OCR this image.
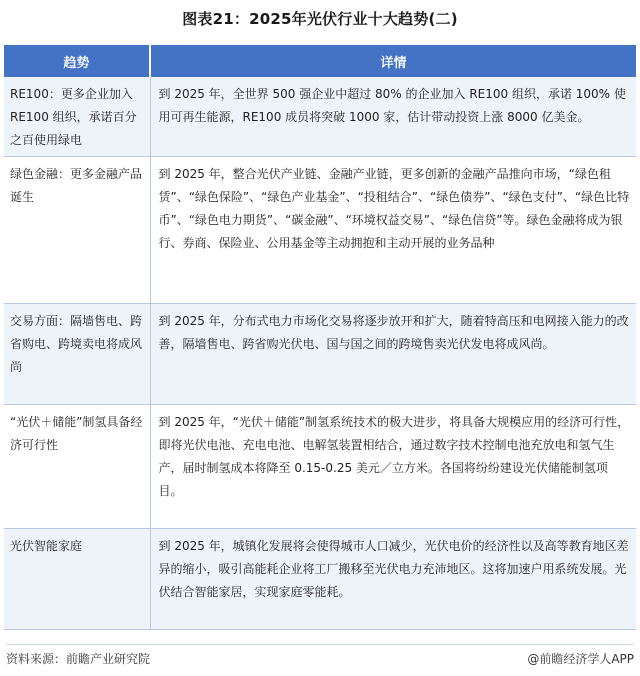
图表21：2025年光伏行业十大趋势(二)
趋势	详情
RE100：更多企业加入 RE100 组织，承诺百分之百使用绿电	到 2025 年，全世界 500 强企业中超过 80% 的企业加入 RE100 组织，承诺 100% 使用可再生能源，RE100 成员将突破 1000 家，估计带动投资上涨 8000 亿美金。
绿色金融：更多金融产品诞生	到 2025 年，整合光伏产业链、金融产业链，更多创新的金融产品推向市场，“绿色租赁”、“绿色保险”、“绿色产业基金”、“投租结合”、“绿色债券”、“绿色支付”、“绿色比特币”、“绿色电力期货”、“碳金融”、“环境权益交易”、“绿色信贷”等。绿色金融将成为银行、券商、保险业、公用基金等主动拥抱和主动开展的业务品种
交易方面：隔墙售电、跨省购电、跨境卖电将成风尚	到 2025 年，分布式电力市场化交易将逐步放开和扩大，随着特高压和电网接入能力的改善，隔墙售电、跨省购光伏电、国与国之间的跨境售卖光伏发电将成风尚。
“光伏＋储能”制氢具备经济可行性	到 2025 年，“光伏＋储能”制氢系统技术的极大进步，将具备大规模应用的经济可行性，即将光伏电池、充电电池、电解氢装置相结合，通过数字技术控制电池充放电和氢气生产，届时制氢成本将降至 0.15-0.25 美元／立方米。各国将纷纷建设光伏储能制氢项目。
光伏智能家庭	到 2025 年，城镇化发展将会使得城市人口减少，光伏电价的经济性以及高等教育地区差异的缩小，吸引高能耗企业将工厂搬移至光伏电力充沛地区。这将加速户用系统发展。光伏结合智能家居，实现家庭零能耗。
资料来源：前瞻产业研究院	@前瞻经济学人APP
